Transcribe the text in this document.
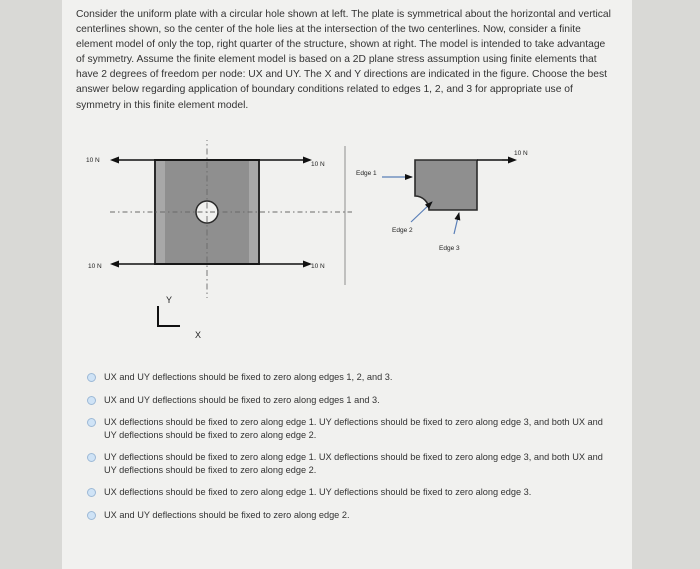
Consider the uniform plate with a circular hole shown at left. The plate is symmetrical about the horizontal and vertical centerlines shown, so the center of the hole lies at the intersection of the two centerlines. Now, consider a finite element model of only the top, right quarter of the structure, shown at right. The model is intended to take advantage of symmetry. Assume the finite element model is based on a 2D plane stress assumption using finite elements that have 2 degrees of freedom per node: UX and UY. The X and Y directions are indicated in the figure. Choose the best answer below regarding application of boundary conditions related to edges 1, 2, and 3 for appropriate use of symmetry in this finite element model.

10 N
10 N
10 N	10 N
Y
X
10 N
Edge 1
Edge 2
Edge 3
UX and UY deflections should be fixed to zero along edges 1, 2, and 3.
UX and UY deflections should be fixed to zero along edges 1 and 3.
UX deflections should be fixed to zero along edge 1. UY deflections should be fixed to zero along edge 3, and both UX and UY deflections should be fixed to zero along edge 2.
UY deflections should be fixed to zero along edge 1. UX deflections should be fixed to zero along edge 3, and both UX and UY deflections should be fixed to zero along edge 2.
UX deflections should be fixed to zero along edge 1. UY deflections should be fixed to zero along edge 3.
UX and UY deflections should be fixed to zero along edge 2.
